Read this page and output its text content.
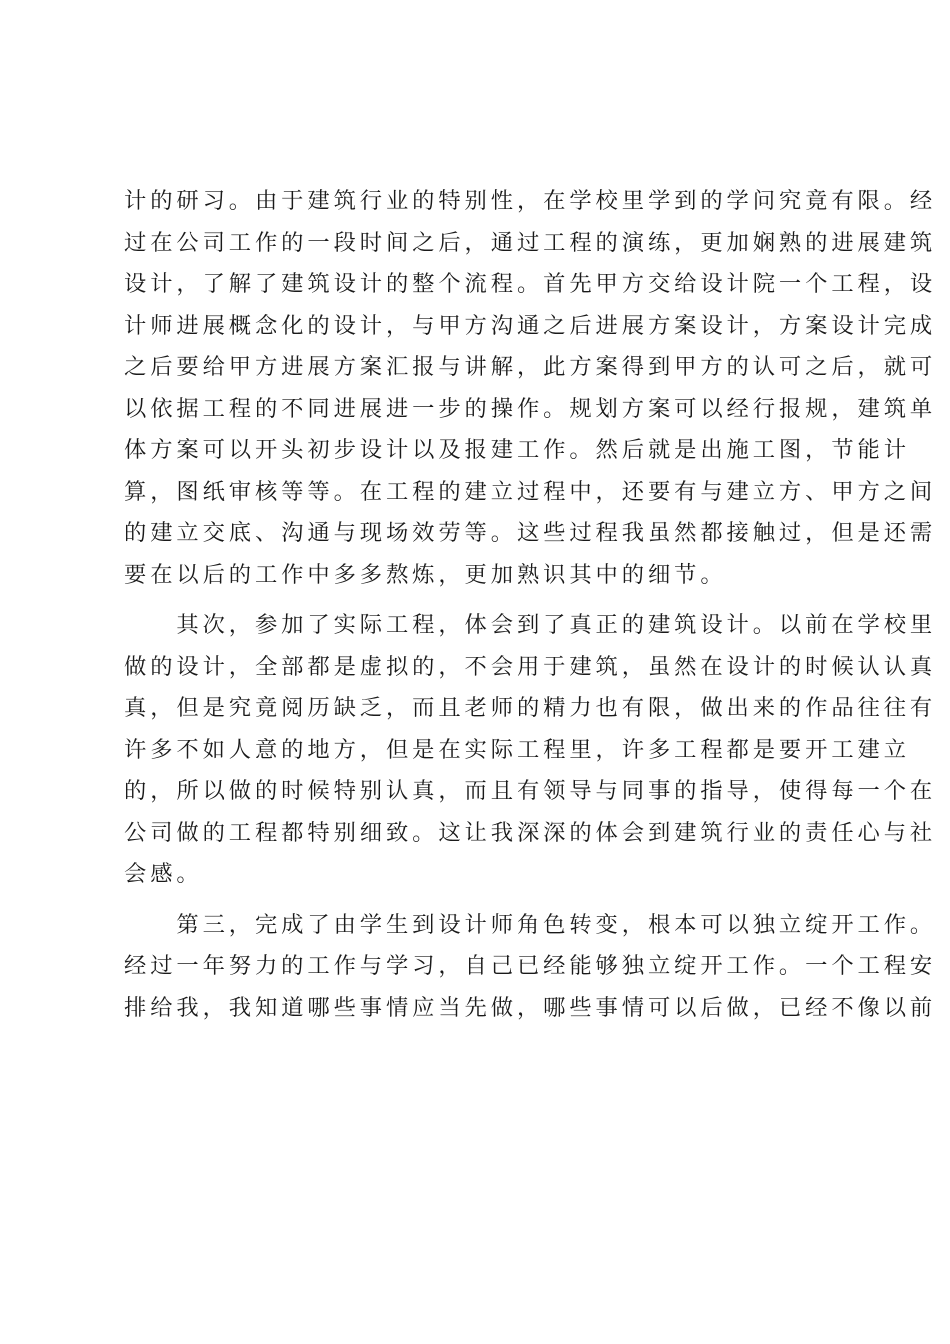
计的研习。由于建筑行业的特别性，在学校里学到的学问究竟有限。经
过在公司工作的一段时间之后，通过工程的演练，更加娴熟的进展建筑
设计，了解了建筑设计的整个流程。首先甲方交给设计院一个工程，设
计师进展概念化的设计，与甲方沟通之后进展方案设计，方案设计完成
之后要给甲方进展方案汇报与讲解，此方案得到甲方的认可之后，就可
以依据工程的不同进展进一步的操作。规划方案可以经行报规，建筑单
体方案可以开头初步设计以及报建工作。然后就是出施工图，节能计
算，图纸审核等等。在工程的建立过程中，还要有与建立方、甲方之间
的建立交底、沟通与现场效劳等。这些过程我虽然都接触过，但是还需
要在以后的工作中多多熬炼，更加熟识其中的细节。
　　其次，参加了实际工程，体会到了真正的建筑设计。以前在学校里
做的设计，全部都是虚拟的，不会用于建筑，虽然在设计的时候认认真
真，但是究竟阅历缺乏，而且老师的精力也有限，做出来的作品往往有
许多不如人意的地方，但是在实际工程里，许多工程都是要开工建立
的，所以做的时候特别认真，而且有领导与同事的指导，使得每一个在
公司做的工程都特别细致。这让我深深的体会到建筑行业的责任心与社
会感。
　　第三，完成了由学生到设计师角色转变，根本可以独立绽开工作。
经过一年努力的工作与学习，自己已经能够独立绽开工作。一个工程安
排给我，我知道哪些事情应当先做，哪些事情可以后做，已经不像以前
